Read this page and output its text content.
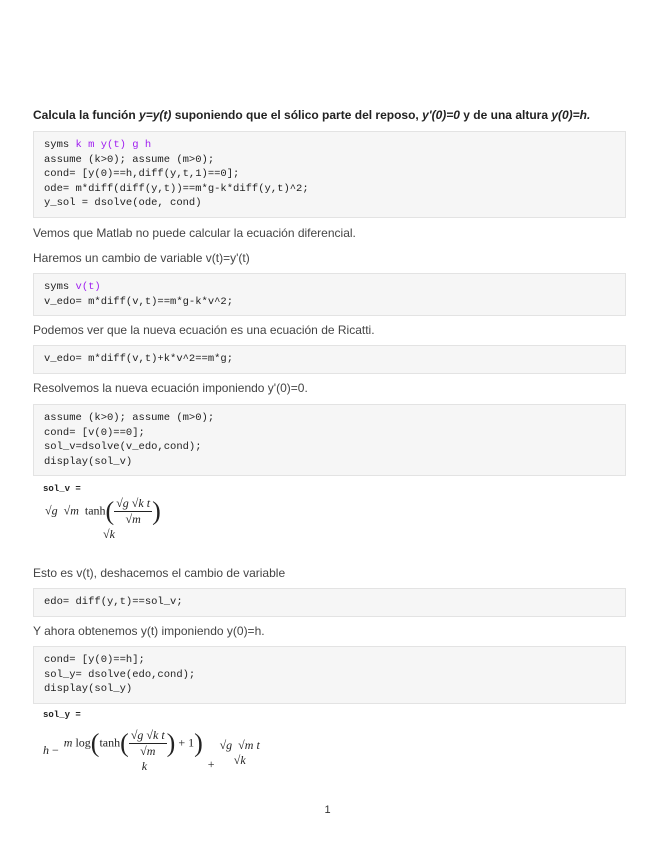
Calcula la función y=y(t) suponiendo que el sólico parte del reposo, y'(0)=0 y de una altura y(0)=h.
syms k m y(t) g h
assume (k>0); assume (m>0);
cond= [y(0)==h,diff(y,t,1)==0];
ode= m*diff(diff(y,t))==m*g-k*diff(y,t)^2;
y_sol = dsolve(ode, cond)
Vemos que Matlab no puede calcular la ecuación diferencial.
Haremos un cambio de variable v(t)=y'(t)
syms v(t)
v_edo= m*diff(v,t)==m*g-k*v^2;
Podemos ver que la nueva ecuación es una ecuación de Ricatti.
v_edo= m*diff(v,t)+k*v^2==m*g;
Resolvemos la nueva ecuación imponiendo y'(0)=0.
assume (k>0); assume (m>0);
cond= [v(0)==0];
sol_v=dsolve(v_edo,cond);
display(sol_v)
sol_v =
√g  √m $\tanh( \frac{\text{√g √k t}}{√m}$ )
√k
Esto es v(t), deshacemos el cambio de variable
edo= diff(y,t)==sol_v;
Y ahora obtenemos y(t) imponiendo y(0)=h.
cond= [y(0)==h];
sol_y= dsolve(edo,cond);
display(sol_y)
sol_y =
h −
m $\log(\tanh( \frac{\text{√g √k t}}{√m}$ ) + 1)
k	+
√g  √m t
√k
1
